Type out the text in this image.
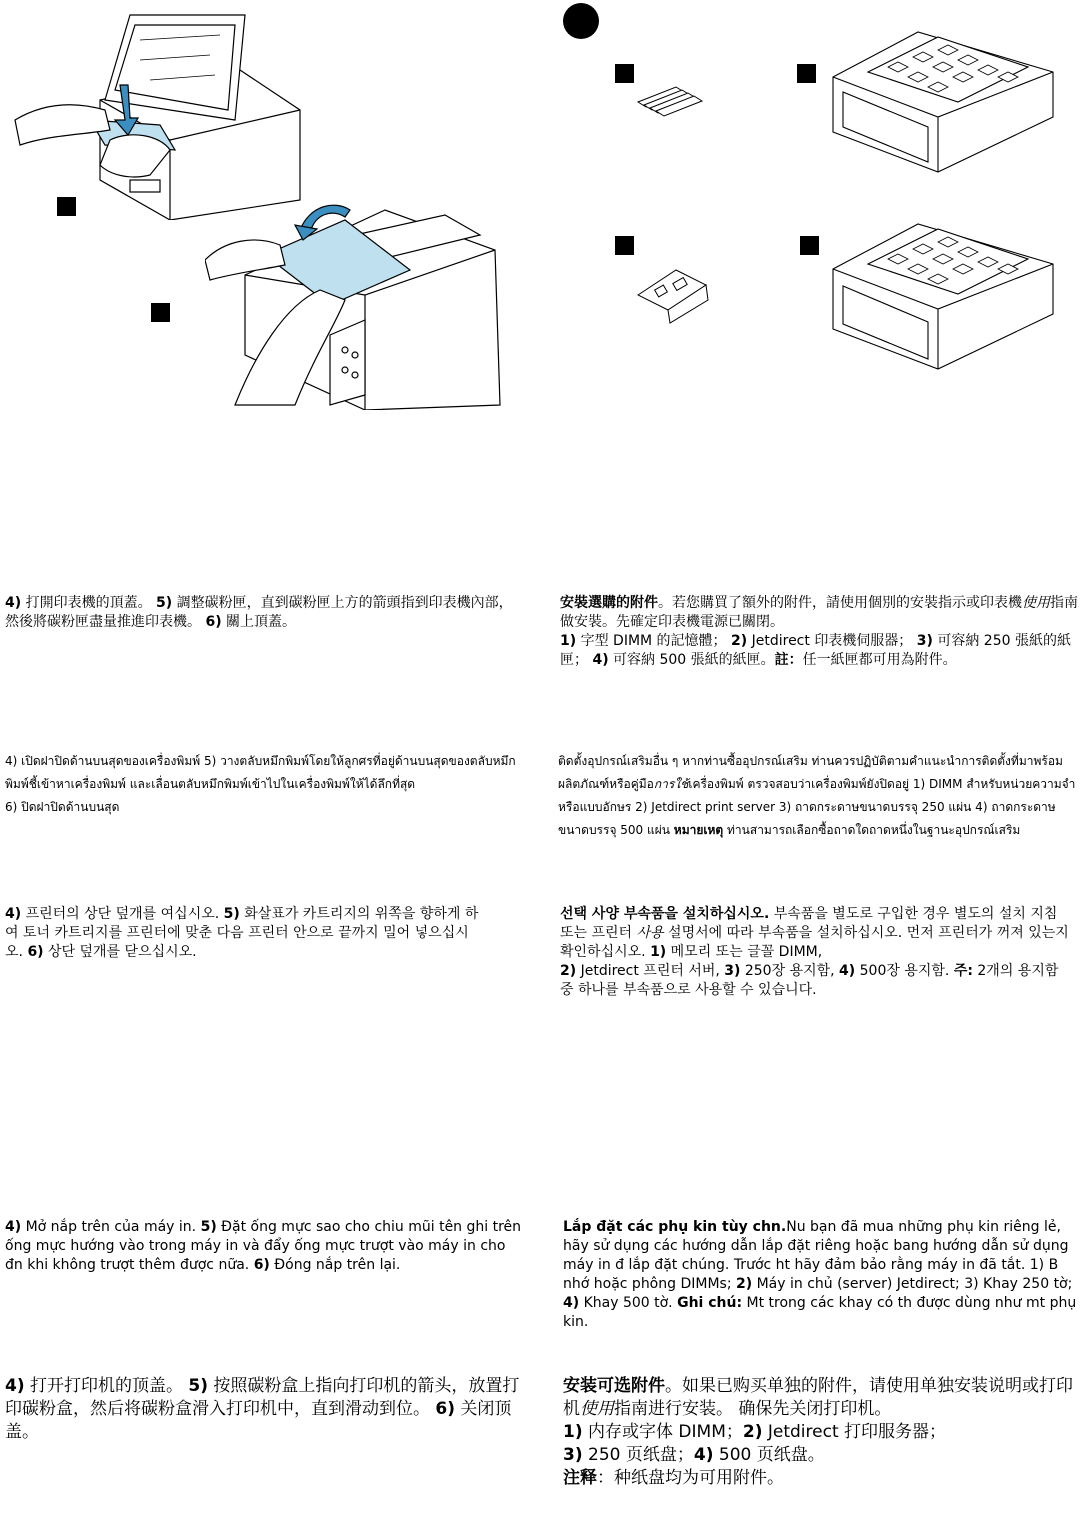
4) 打開印表機的頂蓋。 5) 調整碳粉匣，直到碳粉匣上方的箭頭指到印表機內部，然後將碳粉匣盡量推進印表機。 6) 關上頂蓋。
安裝選購的附件。若您購買了額外的附件，請使用個別的安裝指示或印表機使用指南做安裝。先確定印表機電源已關閉。
1) 字型 DIMM 的記憶體； 2) Jetdirect 印表機伺服器； 3) 可容納 250 張紙的紙匣； 4) 可容納 500 張紙的紙匣。註：任一紙匣都可用為附件。
4) เปิดฝาปิดด้านบนสุดของเครื่องพิมพ์ 5) วางตลับหมึกพิมพ์โดยให้ลูกศรที่อยู่ด้านบนสุดของตลับหมึกพิมพ์ชี้เข้าหาเครื่องพิมพ์ และเลื่อนตลับหมึกพิมพ์เข้าไปในเครื่องพิมพ์ให้ได้ลึกที่สุด
6) ปิดฝาปิดด้านบนสุด
ติดตั้งอุปกรณ์เสริมอื่น ๆ หากท่านซื้ออุปกรณ์เสริม ท่านควรปฏิบัติตามคำแนะนำการติดตั้งที่มาพร้อมผลิตภัณฑ์หรือคู่มือการใช้เครื่องพิมพ์ ตรวจสอบว่าเครื่องพิมพ์ยังปิดอยู่ 1) DIMM สำหรับหน่วยความจำหรือแบบอักษร 2) Jetdirect print server 3) ถาดกระดาษขนาดบรรจุ 250 แผ่น 4) ถาดกระดาษขนาดบรรจุ 500 แผ่น หมายเหตุ ท่านสามารถเลือกซื้อถาดใดถาดหนึ่งในฐานะอุปกรณ์เสริม
4) 프린터의 상단 덮개를 여십시오. 5) 화살표가 카트리지의 위쪽을 향하게 하여 토너 카트리지를 프린터에 맞춘 다음 프린터 안으로 끝까지 밀어 넣으십시오. 6) 상단 덮개를 닫으십시오.
선택 사양 부속품을 설치하십시오. 부속품을 별도로 구입한 경우 별도의 설치 지침 또는 프린터 사용 설명서에 따라 부속품을 설치하십시오. 먼저 프린터가 꺼져 있는지 확인하십시오. 1) 메모리 또는 글꼴 DIMM,
2) Jetdirect 프린터 서버, 3) 250장 용지함, 4) 500장 용지함. 주: 2개의 용지함 중 하나를 부속품으로 사용할 수 있습니다.
4) Mở nắp trên của máy in. 5) Đặt ống mực sao cho chiu mũi tên ghi trên ống mực hướng vào trong máy in và đẩy ống mực trượt vào máy in cho đn khi không trượt thêm được nữa. 6) Đóng nắp trên lại.
Lắp đặt các phụ kin tùy chn.Nu bạn đã mua những phụ kin riêng lẻ, hãy sử dụng các hướng dẫn lắp đặt riêng hoặc bang hướng dẫn sử dụng máy in đ lắp đặt chúng. Trước ht hãy đảm bảo rằng máy in đã tắt. 1) B nhớ hoặc phông DIMMs; 2) Máy in chủ (server) Jetdirect; 3) Khay 250 tờ; 4) Khay 500 tờ. Ghi chú: Mt trong các khay có th được dùng như mt phụ kin.
4) 打开打印机的顶盖。 5) 按照碳粉盒上指向打印机的箭头，放置打印碳粉盒，然后将碳粉盒滑入打印机中，直到滑动到位。 6) 关闭顶盖。
安装可选附件。如果已购买单独的附件，请使用单独安装说明或打印机使用指南进行安装。 确保先关闭打印机。
1) 内存或字体 DIMM；2) Jetdirect 打印服务器；
3) 250 页纸盘；4) 500 页纸盘。
注释：种纸盘均为可用附件。
